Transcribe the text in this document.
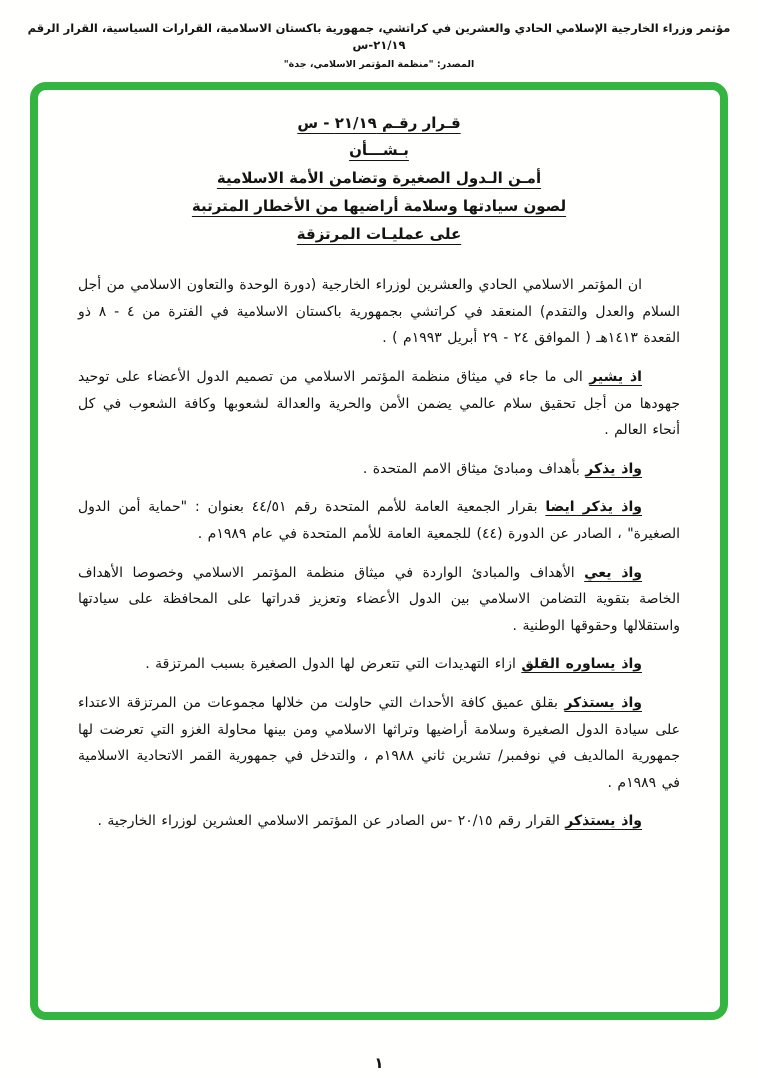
مؤتمر وزراء الخارجية الإسلامي الحادي والعشرين في كراتشي، جمهورية باكستان الاسلامية، القرارات السياسية، القرار الرقم ٢١/١٩-س
المصدر: "منظمة المؤتمر الاسلامي، جدة"
قـرار رقـم ٢١/١٩ - س
بـشـــأن
أمـن الـدول الصغيرة وتضامن الأمة الاسلامية
لصون سيادتها وسلامة أراضيها من الأخطار المترتبة
على عمليـات المرتزقة

ان المؤتمر الاسلامي الحادي والعشرين لوزراء الخارجية (دورة الوحدة والتعاون الاسلامي من أجل السلام والعدل والتقدم) المنعقد في كراتشي بجمهورية باكستان الاسلامية في الفترة من ٤ - ٨ ذو القعدة ١٤١٣هـ ( الموافق ٢٤ - ٢٩ أبريل ١٩٩٣م ) .

اذ يشير الى ما جاء في ميثاق منظمة المؤتمر الاسلامي من تصميم الدول الأعضاء على توحيد جهودها من أجل تحقيق سلام عالمي يضمن الأمن والحرية والعدالة لشعوبها وكافة الشعوب في كل أنحاء العالم .

واذ يذكر بأهداف ومبادئ ميثاق الامم المتحدة .

واذ يذكر ايضا بقرار الجمعية العامة للأمم المتحدة رقم ٤٤/٥١ بعنوان : "حماية أمن الدول الصغيرة" ، الصادر عن الدورة (٤٤) للجمعية العامة للأمم المتحدة في عام ١٩٨٩م .

واذ يعي الأهداف والمبادئ الواردة في ميثاق منظمة المؤتمر الاسلامي وخصوصا الأهداف الخاصة بتقوية التضامن الاسلامي بين الدول الأعضاء وتعزيز قدراتها على المحافظة على سيادتها واستقلالها وحقوقها الوطنية .

واذ يساوره القلق ازاء التهديدات التي تتعرض لها الدول الصغيرة بسبب المرتزقة .

واذ يستذكر بقلق عميق كافة الأحداث التي حاولت من خلالها مجموعات من المرتزقة الاعتداء على سيادة الدول الصغيرة وسلامة أراضيها وتراثها الاسلامي ومن بينها محاولة الغزو التي تعرضت لها جمهورية المالديف في نوفمبر/ تشرين ثاني ١٩٨٨م ، والتدخل في جمهورية القمر الاتحادية الاسلامية في ١٩٨٩م .

واذ يستذكر القرار رقم ٢٠/١٥ -س الصادر عن المؤتمر الاسلامي العشرين لوزراء الخارجية .

١
